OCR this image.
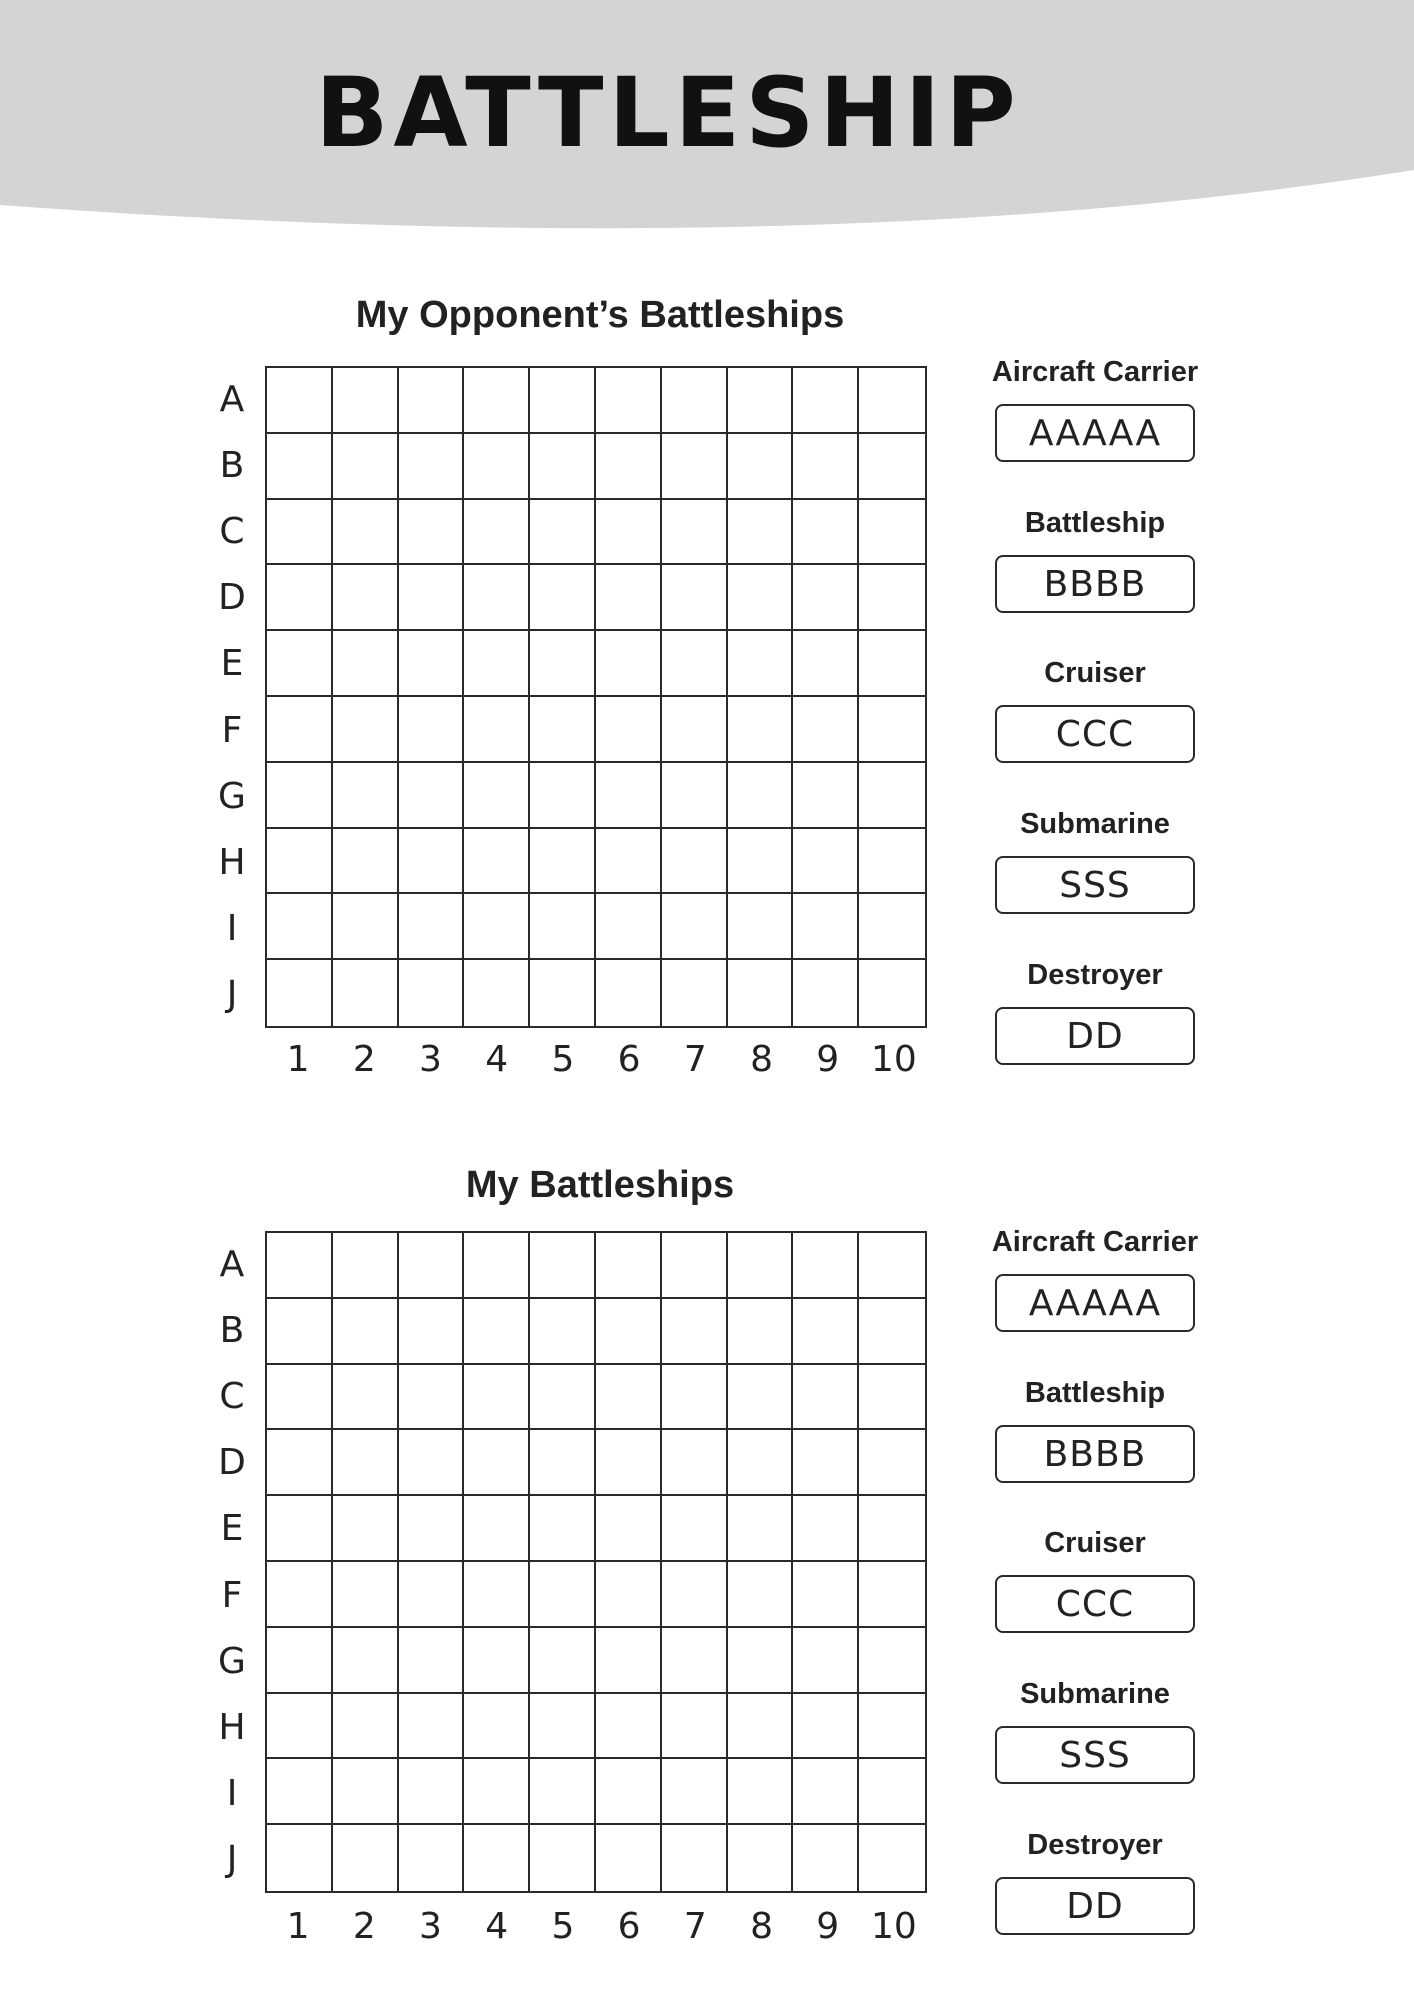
BATTLESHIP
My Opponent’s Battleships
A
B
C
D
E
F
G
H
I
J
1	2	3	4	5	6	7	8	9 10
Aircraft Carrier
AAAAA
Battleship
BBBB
Cruiser
CCC
Submarine
SSS
Destroyer
DD
My Battleships
A
B
C
D
E
F
G
H
I
J
1	2	3	4	5	6	7	8	9 10
Aircraft Carrier
AAAAA
Battleship
BBBB
Cruiser
CCC
Submarine
SSS
Destroyer
DD
